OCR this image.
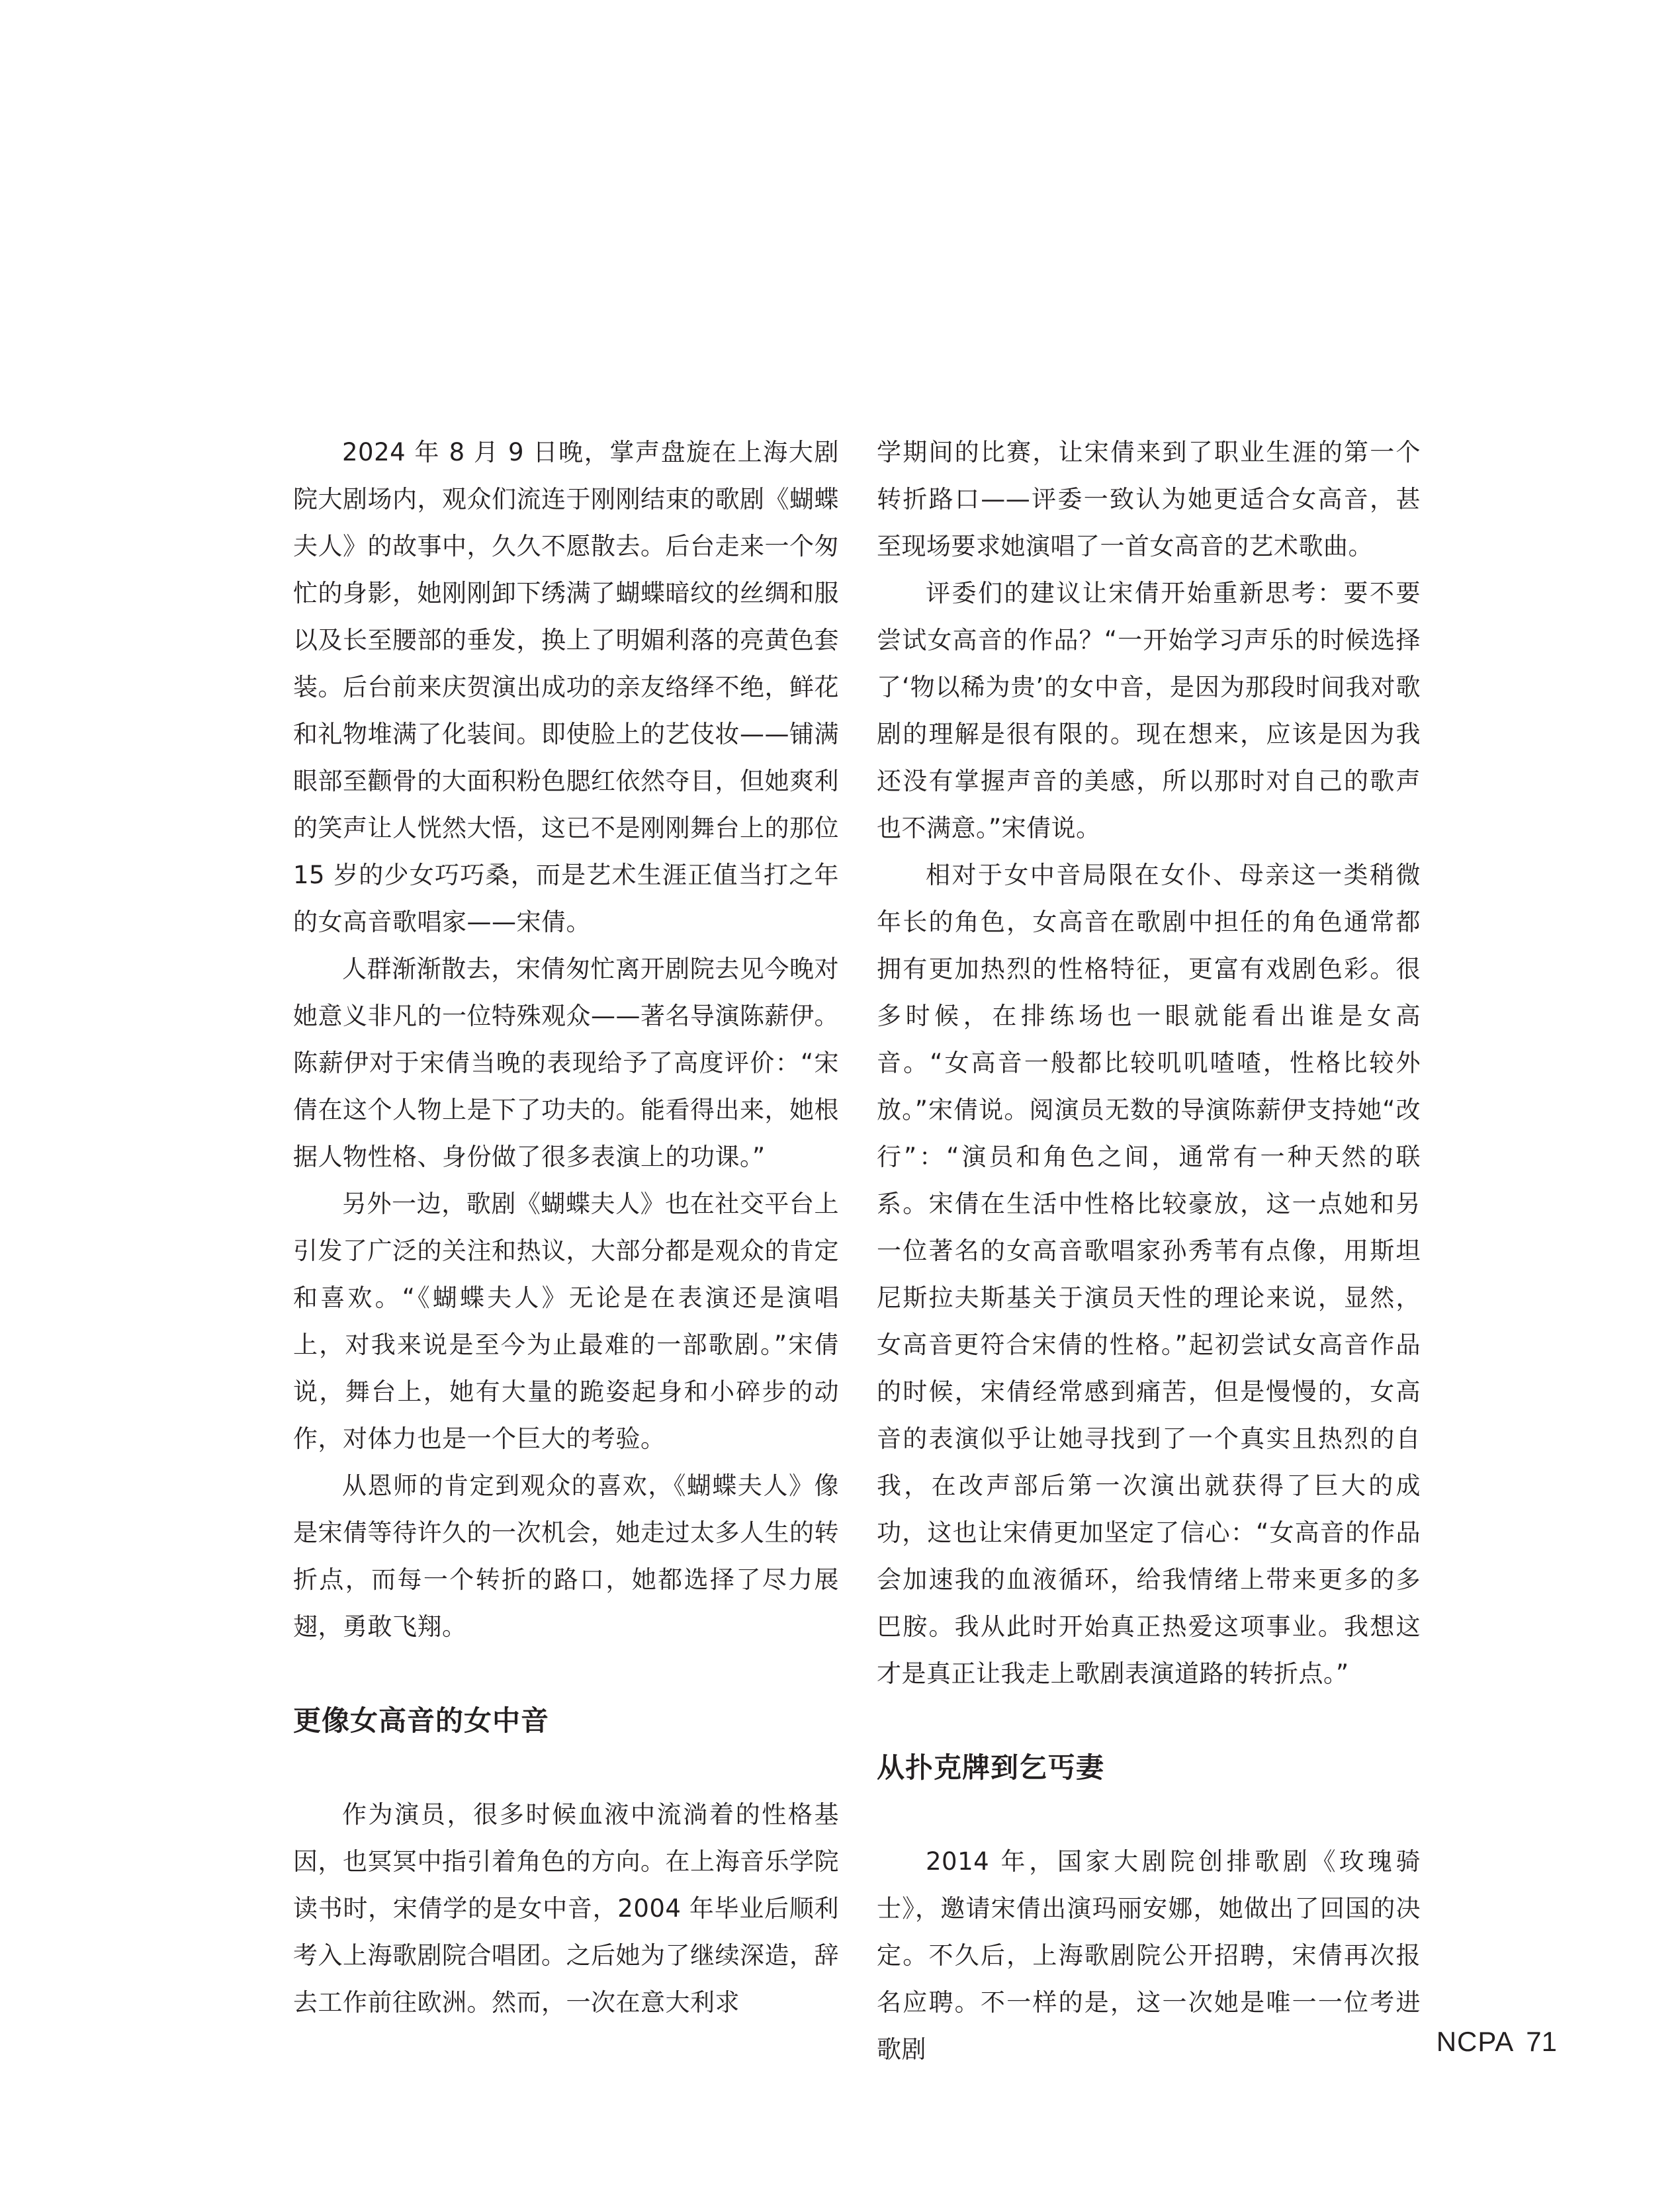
2024 年 8 月 9 日晚，掌声盘旋在上海大剧院大剧场内，观众们流连于刚刚结束的歌剧《蝴蝶夫人》的故事中，久久不愿散去。后台走来一个匆忙的身影，她刚刚卸下绣满了蝴蝶暗纹的丝绸和服以及长至腰部的垂发，换上了明媚利落的亮黄色套装。后台前来庆贺演出成功的亲友络绎不绝，鲜花和礼物堆满了化装间。即使脸上的艺伎妆——铺满眼部至颧骨的大面积粉色腮红依然夺目，但她爽利的笑声让人恍然大悟，这已不是刚刚舞台上的那位 15 岁的少女巧巧桑，而是艺术生涯正值当打之年的女高音歌唱家——宋倩。

人群渐渐散去，宋倩匆忙离开剧院去见今晚对她意义非凡的一位特殊观众——著名导演陈薪伊。陈薪伊对于宋倩当晚的表现给予了高度评价：“宋倩在这个人物上是下了功夫的。能看得出来，她根据人物性格、身份做了很多表演上的功课。”

另外一边，歌剧《蝴蝶夫人》也在社交平台上引发了广泛的关注和热议，大部分都是观众的肯定和喜欢。“《蝴蝶夫人》无论是在表演还是演唱上，对我来说是至今为止最难的一部歌剧。”宋倩说，舞台上，她有大量的跪姿起身和小碎步的动作，对体力也是一个巨大的考验。

从恩师的肯定到观众的喜欢，《蝴蝶夫人》像是宋倩等待许久的一次机会，她走过太多人生的转折点，而每一个转折的路口，她都选择了尽力展翅，勇敢飞翔。

更像女高音的女中音

作为演员，很多时候血液中流淌着的性格基因，也冥冥中指引着角色的方向。在上海音乐学院读书时，宋倩学的是女中音，2004 年毕业后顺利考入上海歌剧院合唱团。之后她为了继续深造，辞去工作前往欧洲。然而，一次在意大利求

学期间的比赛，让宋倩来到了职业生涯的第一个转折路口——评委一致认为她更适合女高音，甚至现场要求她演唱了一首女高音的艺术歌曲。

评委们的建议让宋倩开始重新思考：要不要尝试女高音的作品？“一开始学习声乐的时候选择了‘物以稀为贵’的女中音，是因为那段时间我对歌剧的理解是很有限的。现在想来，应该是因为我还没有掌握声音的美感，所以那时对自己的歌声也不满意。”宋倩说。

相对于女中音局限在女仆、母亲这一类稍微年长的角色，女高音在歌剧中担任的角色通常都拥有更加热烈的性格特征，更富有戏剧色彩。很多时候，在排练场也一眼就能看出谁是女高音。“女高音一般都比较叽叽喳喳，性格比较外放。”宋倩说。阅演员无数的导演陈薪伊支持她“改行”：“演员和角色之间，通常有一种天然的联系。宋倩在生活中性格比较豪放，这一点她和另一位著名的女高音歌唱家孙秀苇有点像，用斯坦尼斯拉夫斯基关于演员天性的理论来说，显然，女高音更符合宋倩的性格。”起初尝试女高音作品的时候，宋倩经常感到痛苦，但是慢慢的，女高音的表演似乎让她寻找到了一个真实且热烈的自我，在改声部后第一次演出就获得了巨大的成功，这也让宋倩更加坚定了信心：“女高音的作品会加速我的血液循环，给我情绪上带来更多的多巴胺。我从此时开始真正热爱这项事业。我想这才是真正让我走上歌剧表演道路的转折点。”

从扑克牌到乞丐妻

2014 年，国家大剧院创排歌剧《玫瑰骑士》，邀请宋倩出演玛丽安娜，她做出了回国的决定。不久后，上海歌剧院公开招聘，宋倩再次报名应聘。不一样的是，这一次她是唯一一位考进歌剧	NCPA 71
